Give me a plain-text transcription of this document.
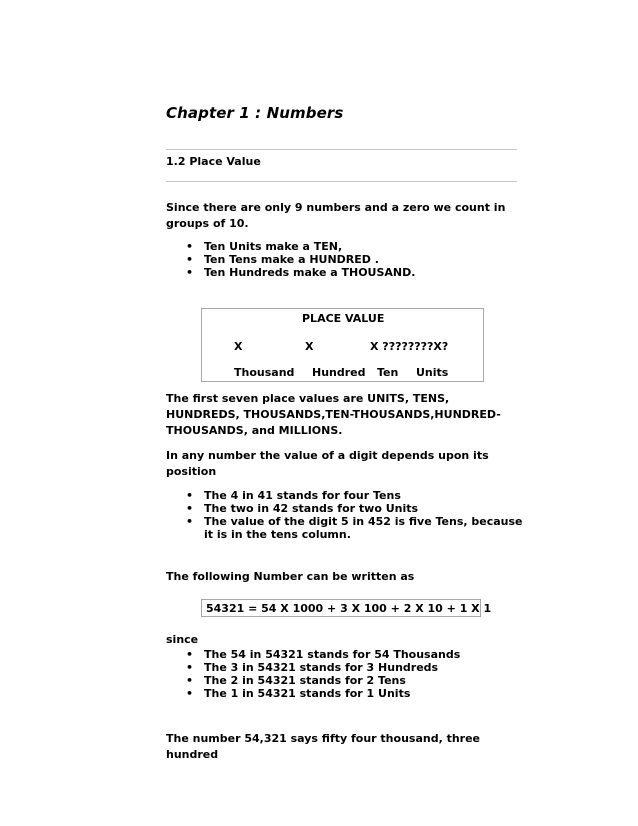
Chapter 1 : Numbers
1.2 Place Value

Since there are only 9 numbers and a zero we count in groups of 10.

• Ten Units make a TEN,
• Ten Tens make a HUNDRED .
• Ten Hundreds make a THOUSAND.
PLACE VALUE
X	X	X ????????X?
Thousand Hundred Ten Units

The first seven place values are UNITS, TENS, HUNDREDS, THOUSANDS,TEN-THOUSANDS,HUNDRED-THOUSANDS, and MILLIONS.

In any number the value of a digit depends upon its position

• The 4 in 41 stands for four Tens
• The two in 42 stands for two Units
• The value of the digit 5 in 452 is five Tens, because it is in the tens column.

The following Number can be written as

54321 = 54 X 1000 + 3 X 100 + 2 X 10 + 1 X 1

since

• The 54 in 54321 stands for 54 Thousands
• The 3 in 54321 stands for 3 Hundreds
• The 2 in 54321 stands for 2 Tens
• The 1 in 54321 stands for 1 Units

The number 54,321 says fifty four thousand, three hundred
